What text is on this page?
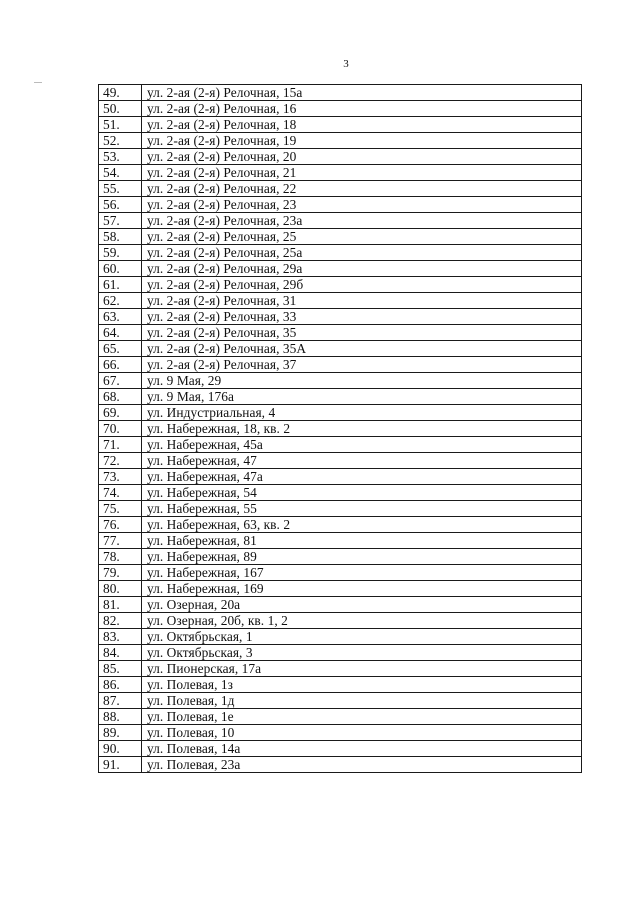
3
49.	ул. 2-ая (2-я) Релочная, 15а
50.	ул. 2-ая (2-я) Релочная, 16
51.	ул. 2-ая (2-я) Релочная, 18
52.	ул. 2-ая (2-я) Релочная, 19
53.	ул. 2-ая (2-я) Релочная, 20
54.	ул. 2-ая (2-я) Релочная, 21
55.	ул. 2-ая (2-я) Релочная, 22
56.	ул. 2-ая (2-я) Релочная, 23
57.	ул. 2-ая (2-я) Релочная, 23а
58.	ул. 2-ая (2-я) Релочная, 25
59.	ул. 2-ая (2-я) Релочная, 25а
60.	ул. 2-ая (2-я) Релочная, 29а
61.	ул. 2-ая (2-я) Релочная, 29б
62.	ул. 2-ая (2-я) Релочная, 31
63.	ул. 2-ая (2-я) Релочная, 33
64.	ул. 2-ая (2-я) Релочная, 35
65.	ул. 2-ая (2-я) Релочная, 35А
66.	ул. 2-ая (2-я) Релочная, 37
67.	ул. 9 Мая, 29
68.	ул. 9 Мая, 176а
69.	ул. Индустриальная, 4
70.	ул. Набережная, 18, кв. 2
71.	ул. Набережная, 45а
72.	ул. Набережная, 47
73.	ул. Набережная, 47а
74.	ул. Набережная, 54
75.	ул. Набережная, 55
76.	ул. Набережная, 63, кв. 2
77.	ул. Набережная, 81
78.	ул. Набережная, 89
79.	ул. Набережная, 167
80.	ул. Набережная, 169
81.	ул. Озерная, 20а
82.	ул. Озерная, 20б, кв. 1, 2
83.	ул. Октябрьская, 1
84.	ул. Октябрьская, 3
85.	ул. Пионерская, 17а
86.	ул. Полевая, 1з
87.	ул. Полевая, 1д
88.	ул. Полевая, 1е
89.	ул. Полевая, 10
90.	ул. Полевая, 14а
91.	ул. Полевая, 23а
